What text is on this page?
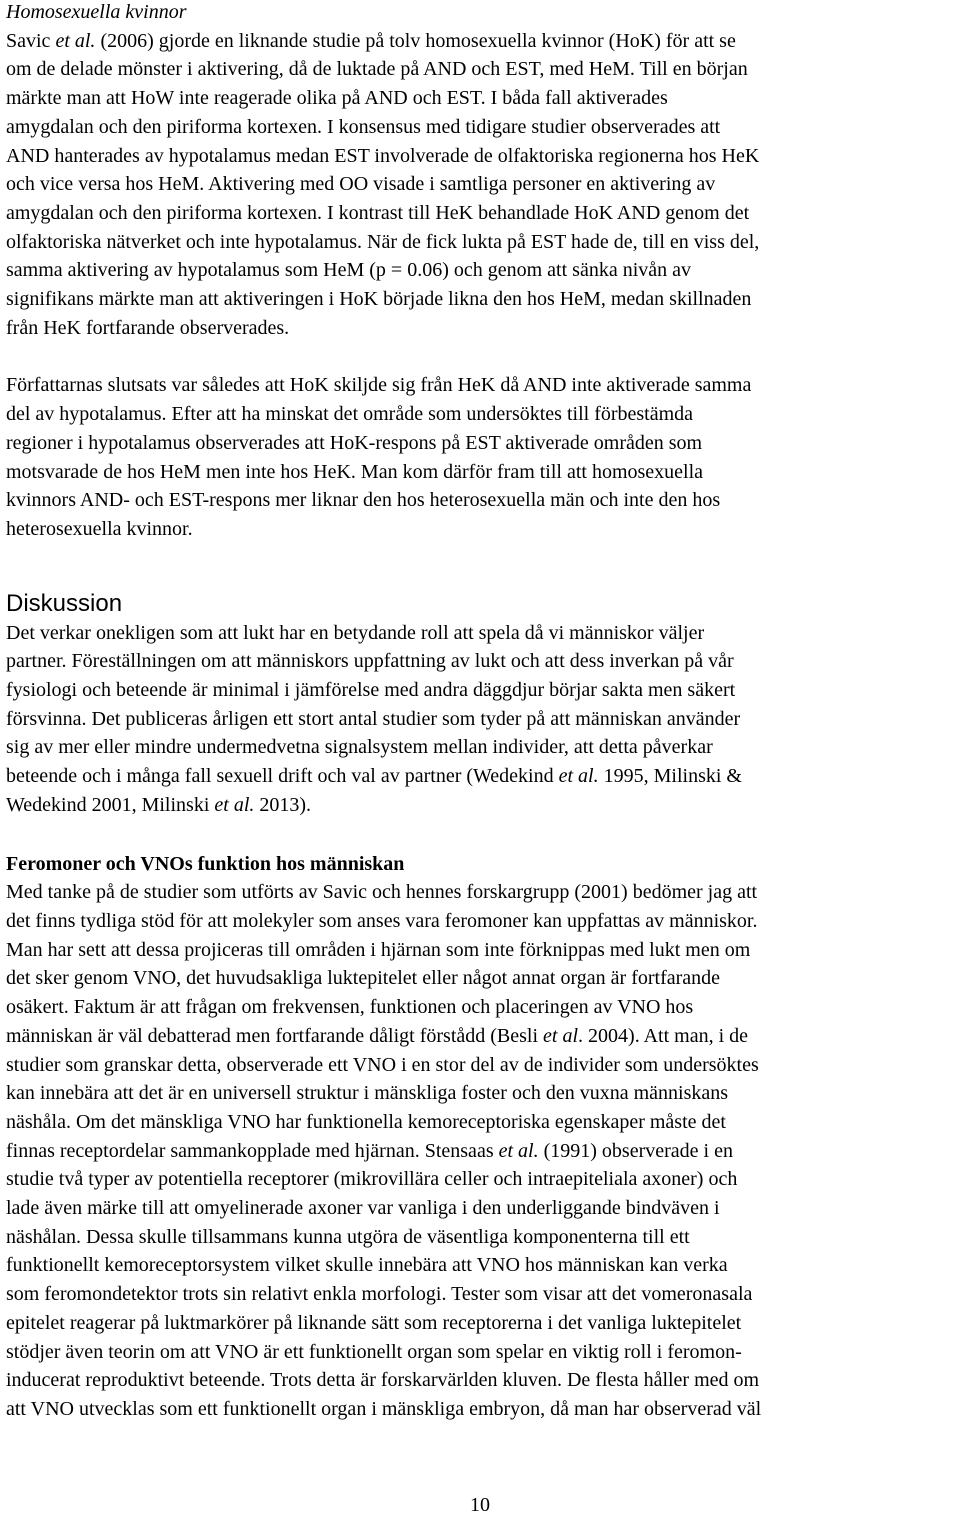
Homosexuella kvinnor

Savic et al. (2006) gjorde en liknande studie på tolv homosexuella kvinnor (HoK) för att se
om de delade mönster i aktivering, då de luktade på AND och EST, med HeM. Till en början
märkte man att HoW inte reagerade olika på AND och EST. I båda fall aktiverades
amygdalan och den piriforma kortexen. I konsensus med tidigare studier observerades att
AND hanterades av hypotalamus medan EST involverade de olfaktoriska regionerna hos HeK
och vice versa hos HeM. Aktivering med OO visade i samtliga personer en aktivering av
amygdalan och den piriforma kortexen. I kontrast till HeK behandlade HoK AND genom det
olfaktoriska nätverket och inte hypotalamus. När de fick lukta på EST hade de, till en viss del,
samma aktivering av hypotalamus som HeM (p = 0.06) och genom att sänka nivån av
signifikans märkte man att aktiveringen i HoK började likna den hos HeM, medan skillnaden
från HeK fortfarande observerades.

Författarnas slutsats var således att HoK skiljde sig från HeK då AND inte aktiverade samma
del av hypotalamus. Efter att ha minskat det område som undersöktes till förbestämda
regioner i hypotalamus observerades att HoK-respons på EST aktiverade områden som
motsvarade de hos HeM men inte hos HeK. Man kom därför fram till att homosexuella
kvinnors AND- och EST-respons mer liknar den hos heterosexuella män och inte den hos
heterosexuella kvinnor.

Diskussion

Det verkar onekligen som att lukt har en betydande roll att spela då vi människor väljer
partner. Föreställningen om att människors uppfattning av lukt och att dess inverkan på vår
fysiologi och beteende är minimal i jämförelse med andra däggdjur börjar sakta men säkert
försvinna. Det publiceras årligen ett stort antal studier som tyder på att människan använder
sig av mer eller mindre undermedvetna signalsystem mellan individer, att detta påverkar
beteende och i många fall sexuell drift och val av partner (Wedekind et al. 1995, Milinski &
Wedekind 2001, Milinski et al. 2013).

Feromoner och VNOs funktion hos människan

Med tanke på de studier som utförts av Savic och hennes forskargrupp (2001) bedömer jag att
det finns tydliga stöd för att molekyler som anses vara feromoner kan uppfattas av människor.
Man har sett att dessa projiceras till områden i hjärnan som inte förknippas med lukt men om
det sker genom VNO, det huvudsakliga luktepitelet eller något annat organ är fortfarande
osäkert. Faktum är att frågan om frekvensen, funktionen och placeringen av VNO hos
människan är väl debatterad men fortfarande dåligt förstådd (Besli et al. 2004). Att man, i de
studier som granskar detta, observerade ett VNO i en stor del av de individer som undersöktes
kan innebära att det är en universell struktur i mänskliga foster och den vuxna människans
näshåla. Om det mänskliga VNO har funktionella kemoreceptoriska egenskaper måste det
finnas receptordelar sammankopplade med hjärnan. Stensaas et al. (1991) observerade i en
studie två typer av potentiella receptorer (mikrovillära celler och intraepiteliala axoner) och
lade även märke till att omyelinerade axoner var vanliga i den underliggande bindväven i
näshålan. Dessa skulle tillsammans kunna utgöra de väsentliga komponenterna till ett
funktionellt kemoreceptorsystem vilket skulle innebära att VNO hos människan kan verka
som feromondetektor trots sin relativt enkla morfologi. Tester som visar att det vomeronasala
epitelet reagerar på luktmarkörer på liknande sätt som receptorerna i det vanliga luktepitelet
stödjer även teorin om att VNO är ett funktionellt organ som spelar en viktig roll i feromon-
inducerat reproduktivt beteende. Trots detta är forskarvärlden kluven. De flesta håller med om
att VNO utvecklas som ett funktionellt organ i mänskliga embryon, då man har observerad väl

10
